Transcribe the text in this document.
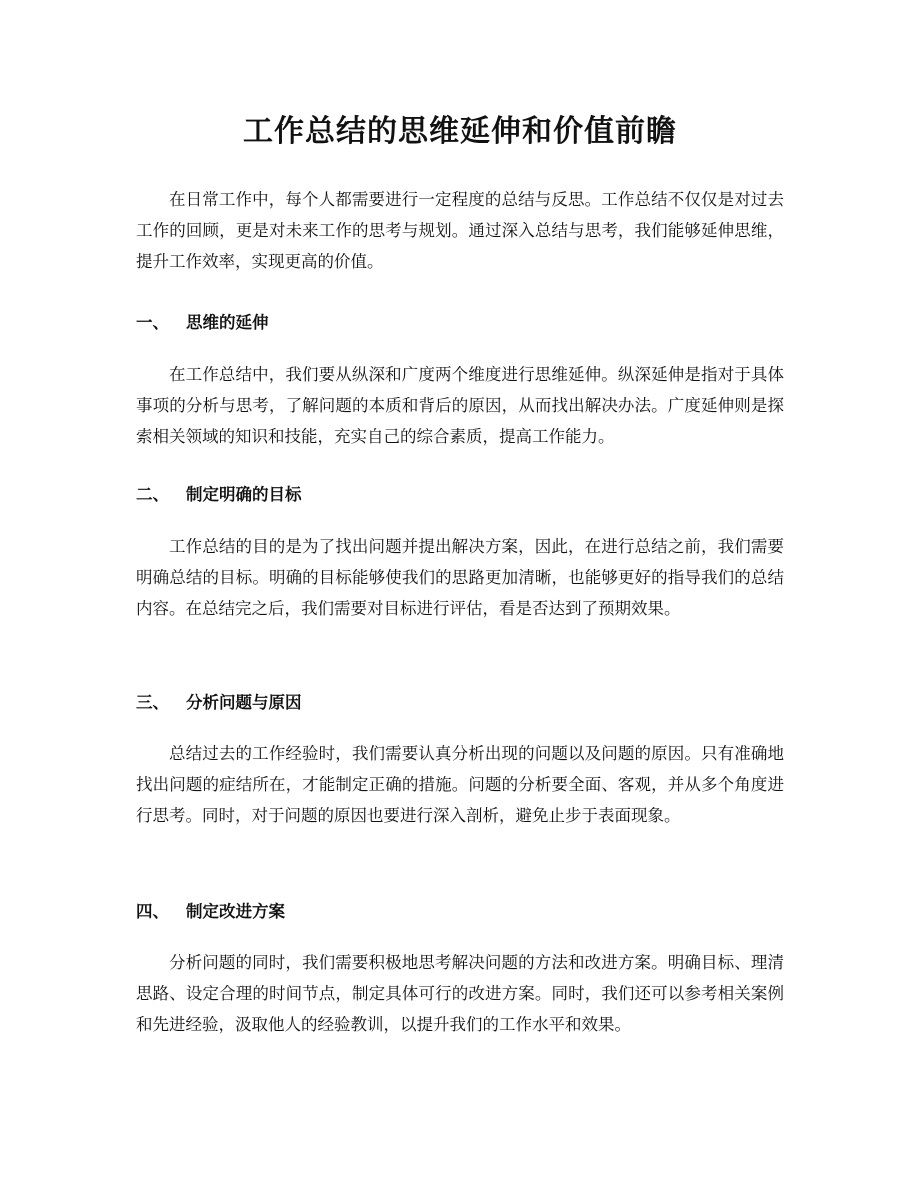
工作总结的思维延伸和价值前瞻

在日常工作中，每个人都需要进行一定程度的总结与反思。工作总结不仅仅是对过去工作的回顾，更是对未来工作的思考与规划。通过深入总结与思考，我们能够延伸思维，提升工作效率，实现更高的价值。

一、 思维的延伸

在工作总结中，我们要从纵深和广度两个维度进行思维延伸。纵深延伸是指对于具体事项的分析与思考，了解问题的本质和背后的原因，从而找出解决办法。广度延伸则是探索相关领域的知识和技能，充实自己的综合素质，提高工作能力。

二、 制定明确的目标

工作总结的目的是为了找出问题并提出解决方案，因此，在进行总结之前，我们需要明确总结的目标。明确的目标能够使我们的思路更加清晰，也能够更好的指导我们的总结内容。在总结完之后，我们需要对目标进行评估，看是否达到了预期效果。

三、 分析问题与原因

总结过去的工作经验时，我们需要认真分析出现的问题以及问题的原因。只有准确地找出问题的症结所在，才能制定正确的措施。问题的分析要全面、客观，并从多个角度进行思考。同时，对于问题的原因也要进行深入剖析，避免止步于表面现象。

四、 制定改进方案

分析问题的同时，我们需要积极地思考解决问题的方法和改进方案。明确目标、理清思路、设定合理的时间节点，制定具体可行的改进方案。同时，我们还可以参考相关案例和先进经验，汲取他人的经验教训，以提升我们的工作水平和效果。
